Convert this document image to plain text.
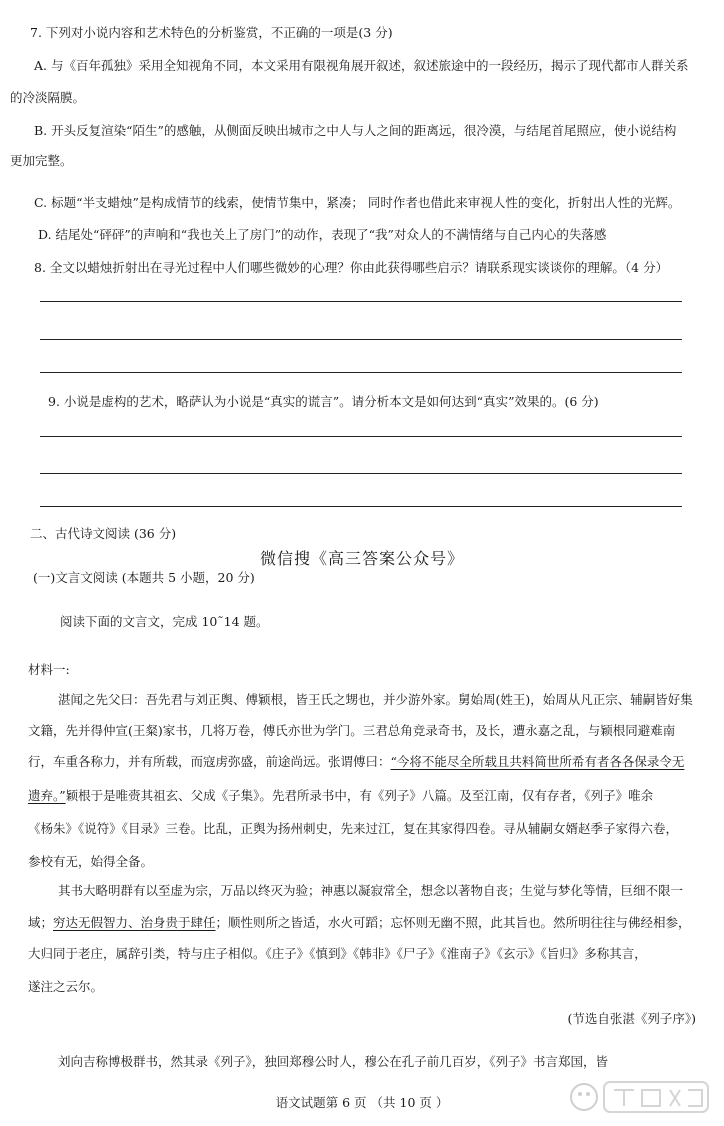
7. 下列对小说内容和艺术特色的分析鉴赏，不正确的一项是(3 分)
A. 与《百年孤独》采用全知视角不同，本文采用有限视角展开叙述，叙述旅途中的一段经历，揭示了现代都市人群关系
的冷淡隔膜。
B. 开头反复渲染“陌生”的感触，从侧面反映出城市之中人与人之间的距离远，很冷漠，与结尾首尾照应，使小说结构
更加完整。
C. 标题“半支蜡烛”是构成情节的线索，使情节集中，紧凑； 同时作者也借此来审视人性的变化，折射出人性的光辉。
D. 结尾处“砰砰”的声响和“我也关上了房门”的动作，表现了“我”对众人的不满情绪与自己内心的失落感
8. 全文以蜡烛折射出在寻光过程中人们哪些微妙的心理？你由此获得哪些启示？请联系现实谈谈你的理解。（4 分）
9. 小说是虚构的艺术，略萨认为小说是“真实的谎言”。请分析本文是如何达到“真实”效果的。(6 分)
二、古代诗文阅读 (36 分)
微信搜《高三答案公众号》
(一)文言文阅读 (本题共 5 小题，20 分)
阅读下面的文言文，完成 10˜14 题。
材料一:
湛闻之先父曰：吾先君与刘正舆、傅颖根，皆王氏之甥也，并少游外家。舅始周(姓王)，始周从凡正宗、辅嗣皆好集
文籍，先并得仲宣(王粲)家书，几将万卷，傅氏亦世为学门。三君总角竞录奇书，及长，遭永嘉之乱，与颖根同避难南
行，车重各称力，并有所载，而寇虏弥盛，前途尚远。张谓傅曰：“今将不能尽全所载且共料简世所希有者各各保录令无
遗弃。”颖根于是唯赍其祖玄、父成《子集》。先君所录书中，有《列子》八篇。及至江南，仅有存者，《列子》唯余
《杨朱》《说符》《目录》三卷。比乱，正舆为扬州刺史，先来过江，复在其家得四卷。寻从辅嗣女婿赵季子家得六卷，
参校有无，始得全备。
其书大略明群有以至虚为宗，万品以终灭为验；神惠以凝寂常全，想念以著物自丧；生觉与梦化等情，巨细不限一
域；穷达无假智力、治身贵于肆任；顺性则所之皆适，水火可蹈；忘怀则无幽不照，此其旨也。然所明往往与佛经相参，
大归同于老庄，属辞引类，特与庄子相似。《庄子》《慎到》《韩非》《尸子》《淮南子》《玄示》《旨归》多称其言，
遂注之云尔。
(节选自张湛《列子序》)
刘向吉称博极群书，然其录《列子》，独回郑穆公时人，穆公在孔子前几百岁，《列子》书言郑国，皆
语文试题第 6 页 （共 10 页 ）
